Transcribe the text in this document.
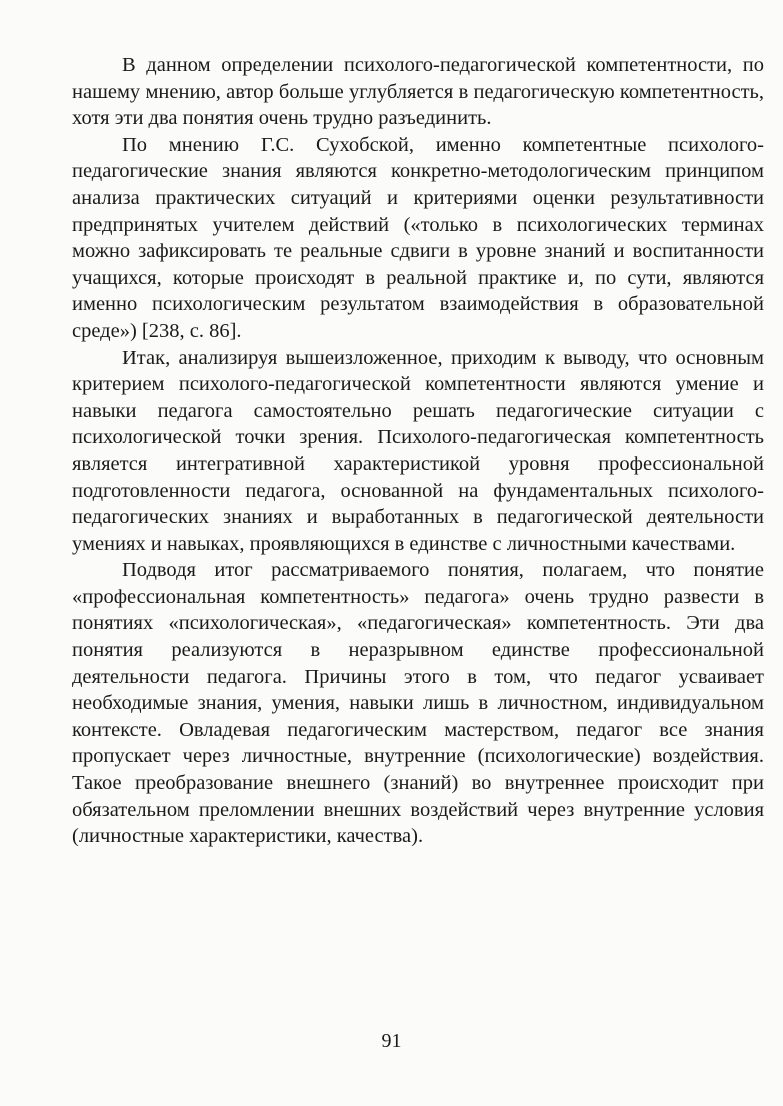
В данном определении психолого-педагогической компетентности, по нашему мнению, автор больше углубляется в педагогическую компетентность, хотя эти два понятия очень трудно разъединить.

По мнению Г.С. Сухобской, именно компетентные психолого-педагогические знания являются конкретно-методологическим принципом анализа практических ситуаций и критериями оценки результативности предпринятых учителем действий («только в психологических терминах можно зафиксировать те реальные сдвиги в уровне знаний и воспитанности учащихся, которые происходят в реальной практике и, по сути, являются именно психологическим результатом взаимодействия в образовательной среде») [238, с. 86].

Итак, анализируя вышеизложенное, приходим к выводу, что основным критерием психолого-педагогической компетентности являются умение и навыки педагога самостоятельно решать педагогические ситуации с психологической точки зрения. Психолого-педагогическая компетентность является интегративной характеристикой уровня профессиональной подготовленности педагога, основанной на фундаментальных психолого-педагогических знаниях и выработанных в педагогической деятельности умениях и навыках, проявляющихся в единстве с личностными качествами.

Подводя итог рассматриваемого понятия, полагаем, что понятие «профессиональная компетентность» педагога» очень трудно развести в понятиях «психологическая», «педагогическая» компетентность. Эти два понятия реализуются в неразрывном единстве профессиональной деятельности педагога. Причины этого в том, что педагог усваивает необходимые знания, умения, навыки лишь в личностном, индивидуальном контексте. Овладевая педагогическим мастерством, педагог все знания пропускает через личностные, внутренние (психологические) воздействия. Такое преобразование внешнего (знаний) во внутреннее происходит при обязательном преломлении внешних воздействий через внутренние условия (личностные характеристики, качества).

91
